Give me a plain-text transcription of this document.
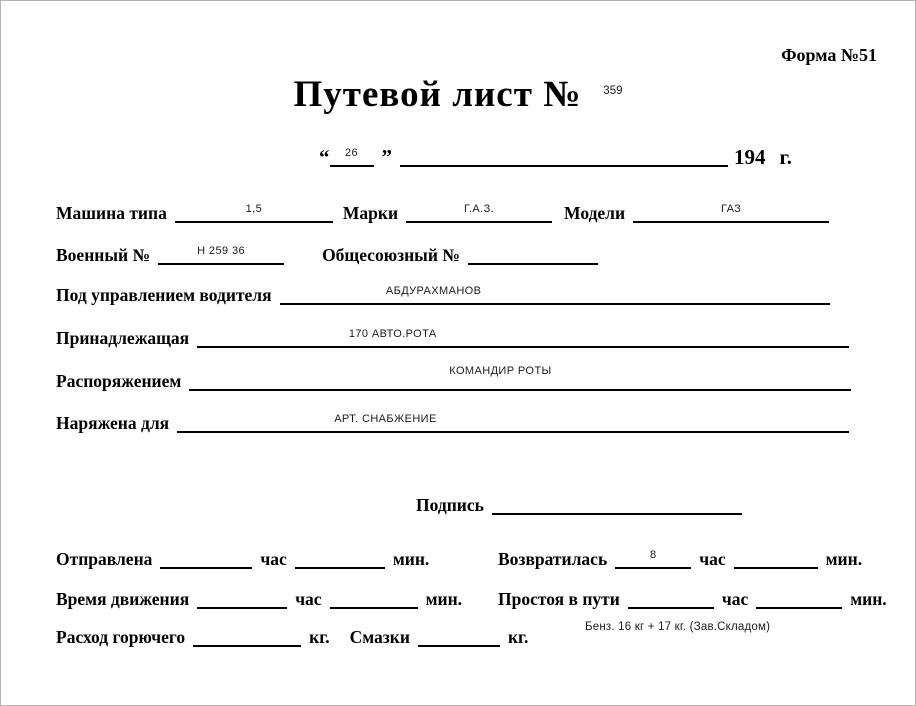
Форма №51
Путевой лист № $^{359}$
“ 26 ”	194 г.
Машина типа	1,5	Марки	Г.А.З.	Модели	ГАЗ
Военный №	Н 259 36	Общесоюзный №
Под управлением водителя	АБДУРАХМАНОВ
Принадлежащая	170 АВТО.РОТА
Распоряжением	КОМАНДИР РОТЫ
Наряжена для	АРТ. СНАБЖЕНИЕ
Подпись
Отправлена	час	мин.	Возвратилась	8 час	мин.
Время движения	час	мин. Простоя в пути	час	мин.
Расход горючего	кг. Смазки	кг.	Бенз. 16 кг + 17 кг. (Зав.Складом)
